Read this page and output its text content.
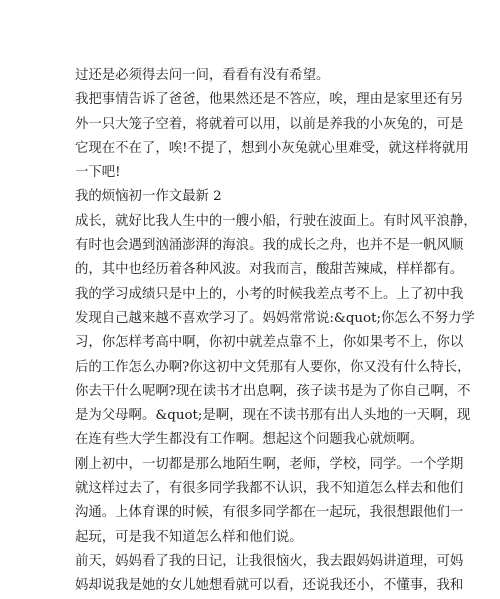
过还是必须得去问一问，看看有没有希望。
我把事情告诉了爸爸，他果然还是不答应，唉，理由是家里还有另
外一只大笼子空着，将就着可以用，以前是养我的小灰兔的，可是
它现在不在了，唉!不提了，想到小灰兔就心里难受，就这样将就用
一下吧!
我的烦恼初一作文最新 2
成长，就好比我人生中的一艘小船，行驶在波面上。有时风平浪静，
有时也会遇到汹涌澎湃的海浪。我的成长之舟，也并不是一帆风顺
的，其中也经历着各种风波。对我而言，酸甜苦辣咸，样样都有。
我的学习成绩只是中上的，小考的时候我差点考不上。上了初中我
发现自己越来越不喜欢学习了。妈妈常常说:&quot;你怎么不努力学
习，你怎样考高中啊，你初中就差点靠不上，你如果考不上，你以
后的工作怎么办啊?你这初中文凭那有人要你，你又没有什么特长，
你去干什么呢啊?现在读书才出息啊，孩子读书是为了你自己啊，不
是为父母啊。&quot;是啊，现在不读书那有出人头地的一天啊，现
在连有些大学生都没有工作啊。想起这个问题我心就烦啊。
刚上初中，一切都是那么地陌生啊，老师，学校，同学。一个学期
就这样过去了，有很多同学我都不认识，我不知道怎么样去和他们
沟通。上体育课的时候，有很多同学都在一起玩，我很想跟他们一
起玩，可是我不知道怎么样和他们说。
前天，妈妈看了我的日记，让我很恼火，我去跟妈妈讲道理，可妈
妈却说我是她的女儿她想看就可以看，还说我还小，不懂事，我和
